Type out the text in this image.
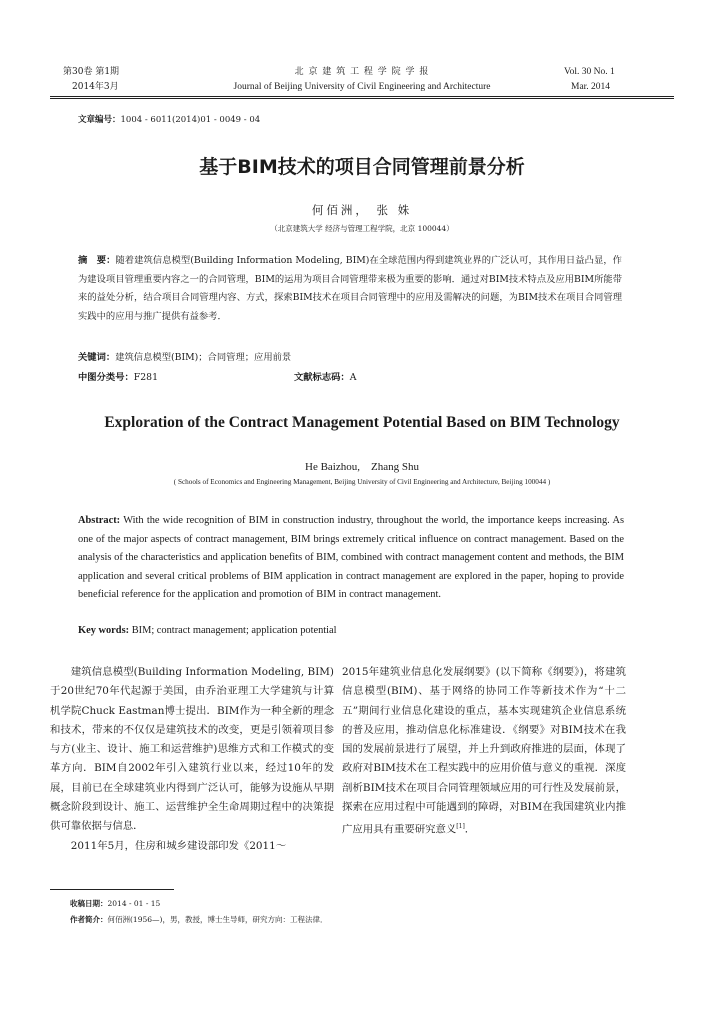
第30卷 第1期
2014年3月
北 京 建 筑 工 程 学 院 学 报
Journal of Beijing University of Civil Engineering and Architecture
Vol. 30 No. 1
Mar. 2014
文章编号：1004 - 6011(2014)01 - 0049 - 04
基于BIM技术的项目合同管理前景分析
何佰洲， 张 姝
（北京建筑大学 经济与管理工程学院，北京 100044）
摘　要：随着建筑信息模型(Building Information Modeling, BIM)在全球范围内得到建筑业界的广泛认可，其作用日益凸显，作为建设项目管理重要内容之一的合同管理，BIM的运用为项目合同管理带来极为重要的影响．通过对BIM技术特点及应用BIM所能带来的益处分析，结合项目合同管理内容、方式，探索BIM技术在项目合同管理中的应用及需解决的问题，为BIM技术在项目合同管理实践中的应用与推广提供有益参考．
关键词：建筑信息模型(BIM)；合同管理；应用前景
中图分类号：F281	文献标志码：A
Exploration of the Contract Management Potential Based on BIM Technology
He Baizhou,　Zhang Shu
( Schools of Economics and Engineering Management, Beijing University of Civil Engineering and Architecture, Beijing 100044 )
Abstract: With the wide recognition of BIM in construction industry, throughout the world, the importance keeps increasing. As one of the major aspects of contract management, BIM brings extremely critical influence on contract management. Based on the analysis of the characteristics and application benefits of BIM, combined with contract management content and methods, the BIM application and several critical problems of BIM application in contract management are explored in the paper, hoping to provide beneficial reference for the application and promotion of BIM in contract management.
Key words: BIM; contract management; application potential

建筑信息模型(Building Information Modeling, BIM)于20世纪70年代起源于美国，由乔治亚理工大学建筑与计算机学院Chuck Eastman博士提出．BIM作为一种全新的理念和技术，带来的不仅仅是建筑技术的改变，更是引领着项目参与方(业主、设计、施工和运营维护)思维方式和工作模式的变革方向．BIM自2002年引入建筑行业以来，经过10年的发展，目前已在全球建筑业内得到广泛认可，能够为设施从早期概念阶段到设计、施工、运营维护全生命周期过程中的决策提供可靠依据与信息．

2011年5月，住房和城乡建设部印发《2011～

2015年建筑业信息化发展纲要》(以下简称《纲要》)，将建筑信息模型(BIM)、基于网络的协同工作等新技术作为“十二五”期间行业信息化建设的重点，基本实现建筑企业信息系统的普及应用，推动信息化标准建设．《纲要》对BIM技术在我国的发展前景进行了展望，并上升到政府推进的层面，体现了政府对BIM技术在工程实践中的应用价值与意义的重视．深度剖析BIM技术在项目合同管理领域应用的可行性及发展前景，探索在应用过程中可能遇到的障碍，对BIM在我国建筑业内推广应用具有重要研究意义[1]．

收稿日期：2014 - 01 - 15
作者简介：何佰洲(1956—)，男，教授，博士生导师，研究方向：工程法律．
